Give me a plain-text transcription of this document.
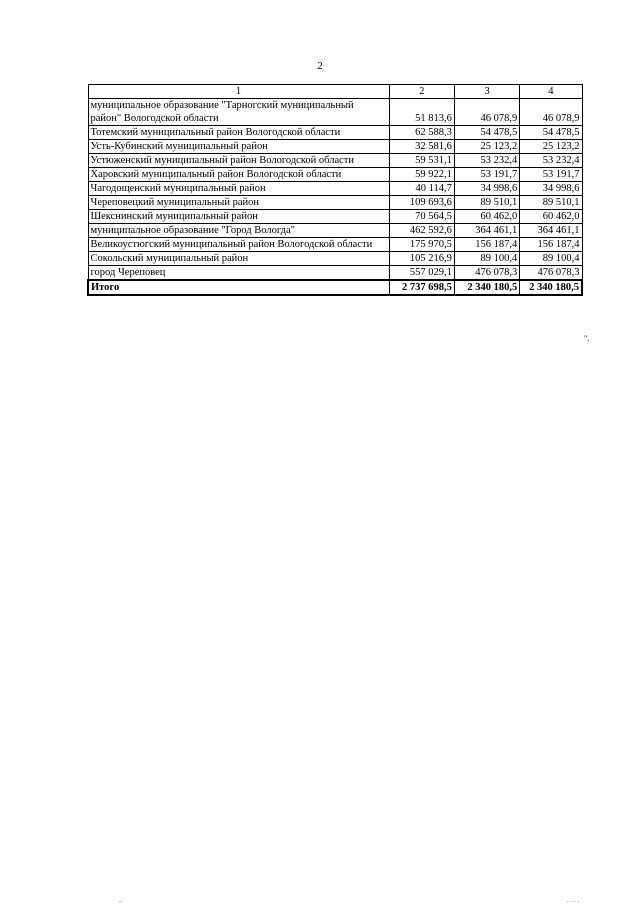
2
1	2	3	4
муниципальное образование "Тарногский муниципальный район" Вологодской области	51 813,6	46 078,9	46 078,9
Тотемский муниципальный район Вологодской области	62 588,3	54 478,5	54 478,5
Усть-Кубинский муниципальный район	32 581,6	25 123,2	25 123,2
Устюженский муниципальный район Вологодской области	59 531,1	53 232,4	53 232,4
Харовский муниципальный район Вологодской области	59 922,1	53 191,7	53 191,7
Чагодощенский муниципальный район	40 114,7	34 998,6	34 998,6
Череповецкий муниципальный район	109 693,6	89 510,1	89 510,1
Шекснинский муниципальный район	70 564,5	60 462,0	60 462,0
муниципальное образование "Город Вологда"	462 592,6	364 461,1	364 461,1
Великоустюгский муниципальный район Вологодской области	175 970,5	156 187,4	156 187,4
Сокольский муниципальный район	105 216,9	89 100,4	89 100,4
город Череповец	557 029,1	476 078,3	476 078,3
Итого	2 737 698,5	2 340 180,5	2 340 180,5
".
..	. . . .
